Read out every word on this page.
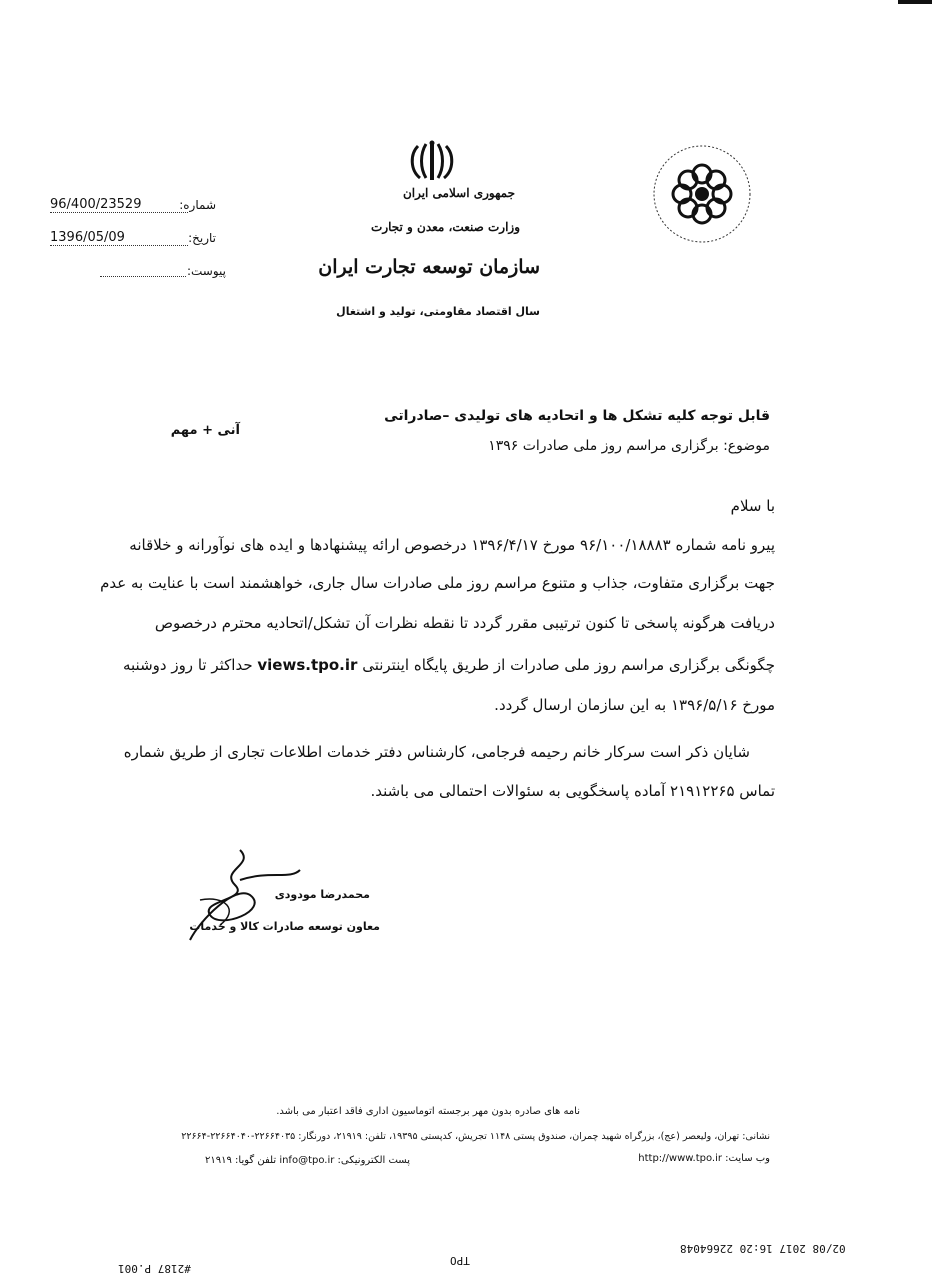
جمهوری اسلامی ایران
وزارت صنعت، معدن و تجارت
سازمان توسعه تجارت ایران
سال اقتصاد مقاومتی، تولید و اشتغال
شماره:
96/400/23529
تاریخ:
1396/05/09
پیوست:
آنی + مهم
قابل توجه کلیه تشکل ها و اتحادیه های تولیدی –صادراتی
موضوع: برگزاری مراسم روز ملی صادرات ۱۳۹۶
با سلام
پیرو نامه شماره ۹۶/۱۰۰/۱۸۸۸۳ مورخ ۱۳۹۶/۴/۱۷ درخصوص ارائه پیشنهادها و ایده های نوآورانه و خلاقانه
جهت برگزاری متفاوت، جذاب و متنوع مراسم روز ملی صادرات سال جاری، خواهشمند است با عنایت به عدم
دریافت هرگونه پاسخی تا کنون ترتیبی مقرر گردد تا نقطه نظرات آن تشکل/اتحادیه محترم درخصوص
چگونگی برگزاری مراسم روز ملی صادرات از طریق پایگاه اینترنتی views.tpo.ir حداکثر تا روز دوشنبه
مورخ ۱۳۹۶/۵/۱۶ به این سازمان ارسال گردد.
شایان ذکر است سرکار خانم رحیمه فرجامی، کارشناس دفتر خدمات اطلاعات تجاری از طریق شماره
تماس ۲۱۹۱۲۲۶۵ آماده پاسخگویی به سئوالات احتمالی می باشند.
محمدرضا مودودی
معاون توسعه صادرات کالا و خدمات
نامه های صادره بدون مهر برجسته اتوماسیون اداری فاقد اعتبار می باشد.
نشانی: تهران، ولیعصر (عج)، بزرگراه شهید چمران، صندوق پستی ۱۱۴۸ تجریش، کدپستی ۱۹۳۹۵، تلفن: ۲۱۹۱۹، دورنگار: ۲۲۶۶۴۰۳۵-۲۲۶۶۴۰۴۰-۲۲۶۶۴
وب سایت: http://www.tpo.ir
پست الکترونیکی: info@tpo.ir تلفن گویا: ۲۱۹۱۹
02/08 2017 16:20 22664048
TPO
#2187 P.001
